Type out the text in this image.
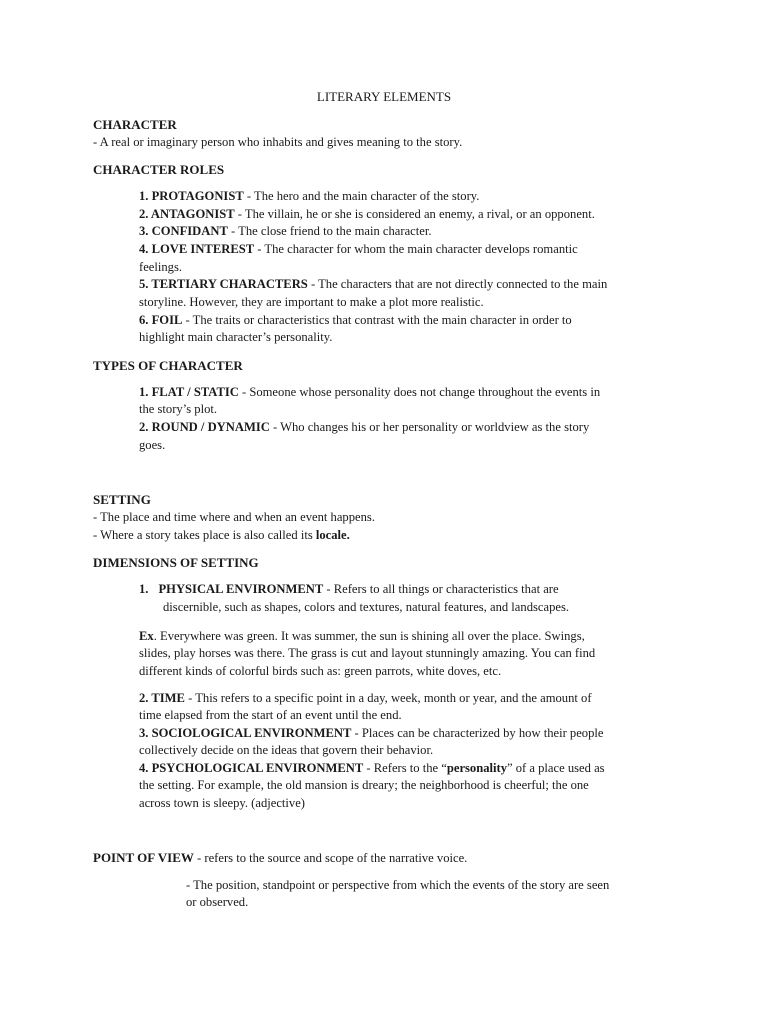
LITERARY ELEMENTS
CHARACTER
- A real or imaginary person who inhabits and gives meaning to the story.
CHARACTER ROLES
1. PROTAGONIST - The hero and the main character of the story.
2. ANTAGONIST - The villain, he or she is considered an enemy, a rival, or an opponent.
3. CONFIDANT - The close friend to the main character.
4. LOVE INTEREST - The character for whom the main character develops romantic
feelings.
5. TERTIARY CHARACTERS - The characters that are not directly connected to the main
storyline. However, they are important to make a plot more realistic.
6. FOIL - The traits or characteristics that contrast with the main character in order to
highlight main character’s personality.
TYPES OF CHARACTER
1. FLAT / STATIC - Someone whose personality does not change throughout the events in
the story’s plot.
2. ROUND / DYNAMIC - Who changes his or her personality or worldview as the story
goes.
SETTING
- The place and time where and when an event happens.
- Where a story takes place is also called its locale.
DIMENSIONS OF SETTING
1. PHYSICAL ENVIRONMENT - Refers to all things or characteristics that are
discernible, such as shapes, colors and textures, natural features, and landscapes.
Ex. Everywhere was green. It was summer, the sun is shining all over the place. Swings,
slides, play horses was there. The grass is cut and layout stunningly amazing. You can find
different kinds of colorful birds such as: green parrots, white doves, etc.
2. TIME - This refers to a specific point in a day, week, month or year, and the amount of
time elapsed from the start of an event until the end.
3. SOCIOLOGICAL ENVIRONMENT - Places can be characterized by how their people
collectively decide on the ideas that govern their behavior.
4. PSYCHOLOGICAL ENVIRONMENT - Refers to the “personality” of a place used as
the setting. For example, the old mansion is dreary; the neighborhood is cheerful; the one
across town is sleepy. (adjective)
POINT OF VIEW - refers to the source and scope of the narrative voice.
- The position, standpoint or perspective from which the events of the story are seen
or observed.
